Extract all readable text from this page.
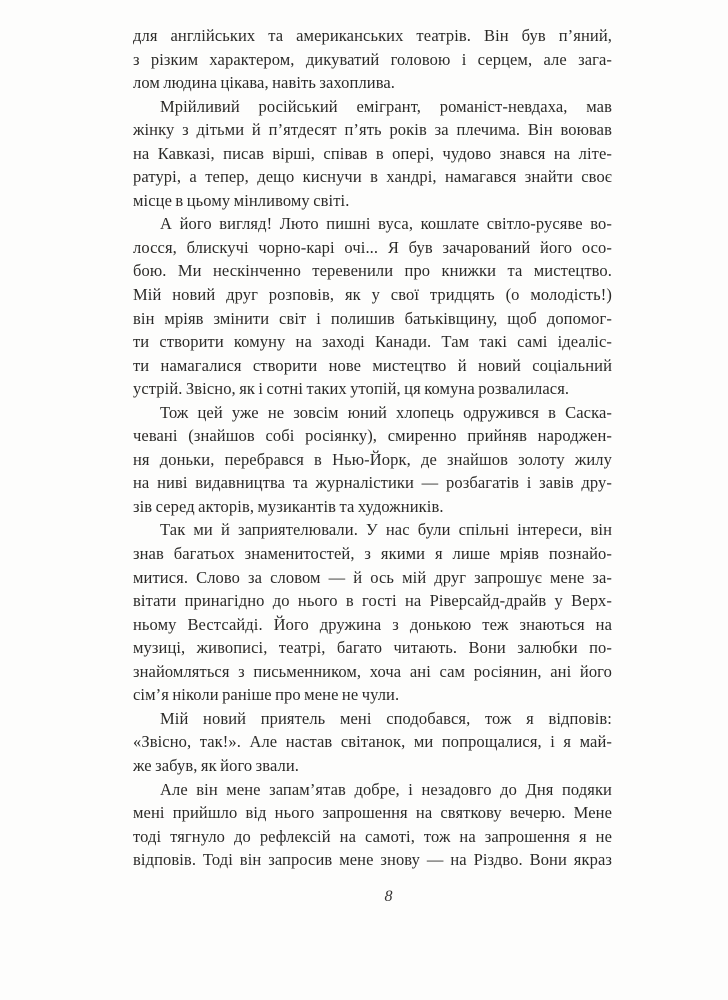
для англійських та американських театрів. Він був п’яний,
з різким характером, дикуватий головою і серцем, але зага-
лом людина цікава, навіть захоплива.
Мрійливий російський емігрант, романіст-невдаха, мав
жінку з дітьми й п’ятдесят п’ять років за плечима. Він воював
на Кавказі, писав вірші, співав в опері, чудово знався на літе-
ратурі, а тепер, дещо киснучи в хандрі, намагався знайти своє
місце в цьому мінливому світі.
А його вигляд! Люто пишні вуса, кошлате світло-русяве во-
лосся, блискучі чорно-карі очі... Я був зачарований його осо-
бою. Ми нескінченно теревенили про книжки та мистецтво.
Мій новий друг розповів, як у свої тридцять (о молодість!)
він мріяв змінити світ і полишив батьківщину, щоб допомог-
ти створити комуну на заході Канади. Там такі самі ідеаліс-
ти намагалися створити нове мистецтво й новий соціальний
устрій. Звісно, як і сотні таких утопій, ця комуна розвалилася.
Тож цей уже не зовсім юний хлопець одружився в Саска-
чевані (знайшов собі росіянку), смиренно прийняв народжен-
ня доньки, перебрався в Нью-Йорк, де знайшов золоту жилу
на ниві видавництва та журналістики — розбагатів і завів дру-
зів серед акторів, музикантів та художників.
Так ми й заприятелювали. У нас були спільні інтереси, він
знав багатьох знаменитостей, з якими я лише мріяв познайо-
митися. Слово за словом — й ось мій друг запрошує мене за-
вітати принагідно до нього в гості на Ріверсайд-драйв у Верх-
ньому Вестсайді. Його дружина з донькою теж знаються на
музиці, живописі, театрі, багато читають. Вони залюбки по-
знайомляться з письменником, хоча ані сам росіянин, ані його
сім’я ніколи раніше про мене не чули.
Мій новий приятель мені сподобався, тож я відповів:
«Звісно, так!». Але настав світанок, ми попрощалися, і я май-
же забув, як його звали.
Але він мене запам’ятав добре, і незадовго до Дня подяки
мені прийшло від нього запрошення на святкову вечерю. Мене
тоді тягнуло до рефлексій на самоті, тож на запрошення я не
відповів. Тоді він запросив мене знову — на Різдво. Вони якраз
8
